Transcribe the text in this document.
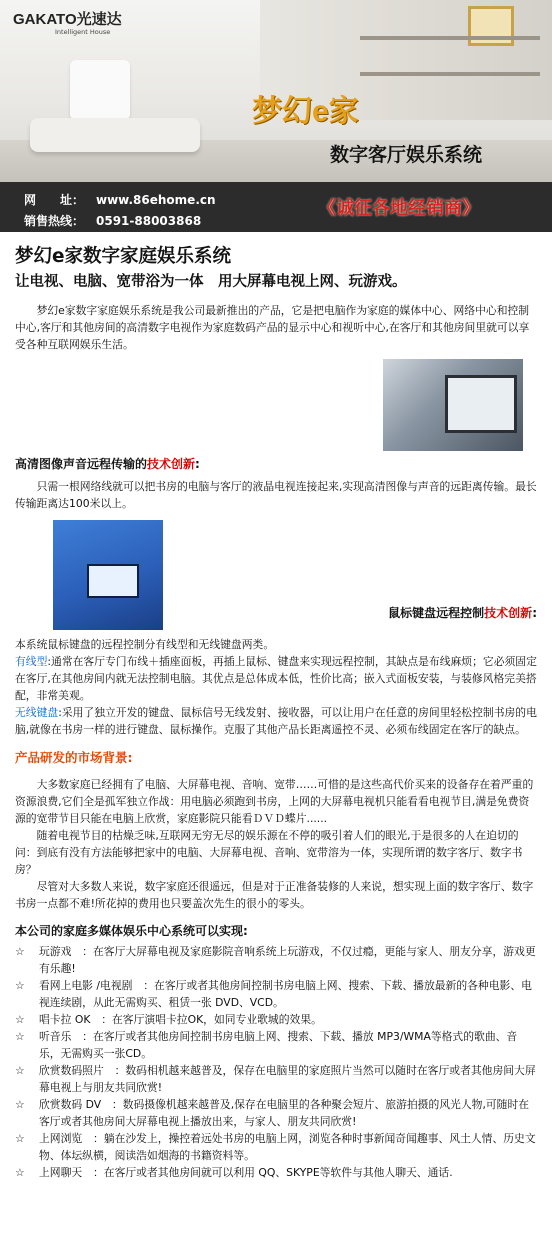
GAKATO光速达
Intelligent House
梦幻e家
数字客厅娱乐系统
网　　址： www.86ehome.cn
销售热线： 0591-88003868
《诚征各地经销商》
梦幻e家数字家庭娱乐系统
让电视、电脑、宽带浴为一体　用大屏幕电视上网、玩游戏。

梦幻e家数字家庭娱乐系统是我公司最新推出的产品，它是把电脑作为家庭的媒体中心、网络中心和控制中心,客厅和其他房间的高清数字电视作为家庭数码产品的显示中心和视听中心,在客厅和其他房间里就可以享受各种互联网娱乐生活。

高清图像声音远程传输的技术创新:

只需一根网络线就可以把书房的电脑与客厅的液晶电视连接起来,实现高清图像与声音的远距离传输。最长传输距离达100米以上。

鼠标键盘远程控制技术创新:

本系统鼠标键盘的远程控制分有线型和无线键盘两类。

有线型:通常在客厅专门布线＋插座面板，再插上鼠标、键盘来实现远程控制，其缺点是布线麻烦；它必须固定在客厅,在其他房间内就无法控制电脑。其优点是总体成本低，性价比高；嵌入式面板安装，与装修风格完美搭配，非常美观。

无线键盘:采用了独立开发的键盘、鼠标信号无线发射、接收器，可以让用户在任意的房间里轻松控制书房的电脑,就像在书房一样的进行键盘、鼠标操作。克服了其他产品长距离遥控不灵、必须布线固定在客厅的缺点。

产品研发的市场背景:

大多数家庭已经拥有了电脑、大屏幕电视、音响、宽带……可惜的是这些高代价买来的设备存在着严重的资源浪费,它们全是孤军独立作战：用电脑必须跑到书房，上网的大屏幕电视机只能看看电视节目,满是免费资源的宽带节目只能在电脑上欣赏，家庭影院只能看ＤＶＤ蝶片......

随着电视节目的枯燥乏味,互联网无穷无尽的娱乐源在不停的吸引着人们的眼光,于是很多的人在迫切的问：到底有没有方法能够把家中的电脑、大屏幕电视、音响、宽带溶为一体，实现所谓的数字客厅、数字书房？

尽管对大多数人来说，数字家庭还很遥远，但是对于正准备装修的人来说，想实现上面的数字客厅、数字书房一点都不难!所花掉的费用也只要盖次先生的很小的零头。

本公司的家庭多媒体娱乐中心系统可以实现:
☆	玩游戏　：在客厅大屏幕电视及家庭影院音响系统上玩游戏，不仅过瘾，更能与家人、朋友分享，游戏更有乐趣!
☆	看网上电影 /电视剧　：在客厅或者其他房间控制书房电脑上网、搜索、下载、播放最新的各种电影、电视连续剧，从此无需购买、租赁一张 DVD、VCD。
☆	唱卡拉 OK　：在客厅演唱卡拉OK，如同专业歌城的效果。
☆	听音乐　：在客厅或者其他房间控制书房电脑上网、搜索、下载、播放 MP3/WMA等格式的歌曲、音乐，无需购买一张CD。
☆	欣赏数码照片　：数码相机越来越普及，保存在电脑里的家庭照片当然可以随时在客厅或者其他房间大屏幕电视上与朋友共同欣赏!
☆	欣赏数码 DV　：数码摄像机越来越普及,保存在电脑里的各种聚会短片、旅游拍摄的风光人物,可随时在客厅或者其他房间大屏幕电视上播放出来，与家人、朋友共同欣赏!
☆	上网浏览　：躺在沙发上，操控着远处书房的电脑上网，浏览各种时事新闻奇闻趣事、风土人情、历史文物、体坛纵横，阅读浩如烟海的书籍资料等。
☆	上网聊天　：在客厅或者其他房间就可以利用 QQ、SKYPE等软件与其他人聊天、通话.
